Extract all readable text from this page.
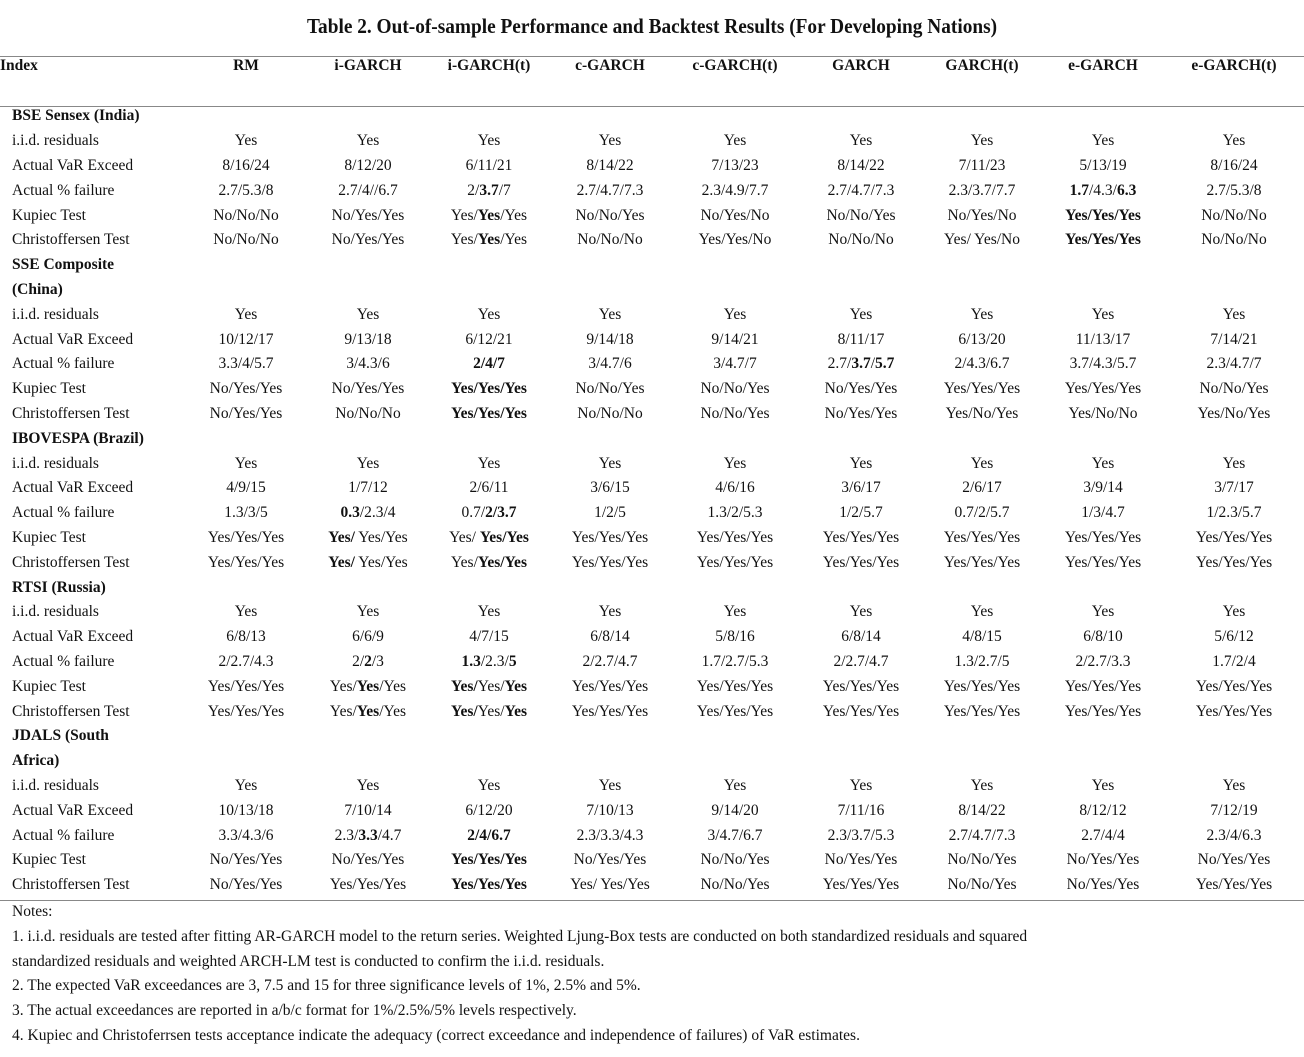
Table 2. Out-of-sample Performance and Backtest Results (For Developing Nations)
Index	RM	i-GARCH	i-GARCH(t)	c-GARCH	c-GARCH(t)	GARCH	GARCH(t)	e-GARCH	e-GARCH(t)
BSE Sensex (India)									
i.i.d. residuals	Yes	Yes	Yes	Yes	Yes	Yes	Yes	Yes	Yes
Actual VaR Exceed	8/16/24	8/12/20	6/11/21	8/14/22	7/13/23	8/14/22	7/11/23	5/13/19	8/16/24
Actual % failure	2.7/5.3/8	2.7/4//6.7	2/3.7/7	2.7/4.7/7.3	2.3/4.9/7.7	2.7/4.7/7.3	2.3/3.7/7.7	1.7/4.3/6.3	2.7/5.3/8
Kupiec Test	No/No/No	No/Yes/Yes	Yes/Yes/Yes	No/No/Yes	No/Yes/No	No/No/Yes	No/Yes/No	Yes/Yes/Yes	No/No/No
Christoffersen Test	No/No/No	No/Yes/Yes	Yes/Yes/Yes	No/No/No	Yes/Yes/No	No/No/No	Yes/ Yes/No	Yes/Yes/Yes	No/No/No
SSE Composite									
(China)									
i.i.d. residuals	Yes	Yes	Yes	Yes	Yes	Yes	Yes	Yes	Yes
Actual VaR Exceed	10/12/17	9/13/18	6/12/21	9/14/18	9/14/21	8/11/17	6/13/20	11/13/17	7/14/21
Actual % failure	3.3/4/5.7	3/4.3/6	2/4/7	3/4.7/6	3/4.7/7	2.7/3.7/5.7	2/4.3/6.7	3.7/4.3/5.7	2.3/4.7/7
Kupiec Test	No/Yes/Yes	No/Yes/Yes	Yes/Yes/Yes	No/No/Yes	No/No/Yes	No/Yes/Yes	Yes/Yes/Yes	Yes/Yes/Yes	No/No/Yes
Christoffersen Test	No/Yes/Yes	No/No/No	Yes/Yes/Yes	No/No/No	No/No/Yes	No/Yes/Yes	Yes/No/Yes	Yes/No/No	Yes/No/Yes
IBOVESPA (Brazil)									
i.i.d. residuals	Yes	Yes	Yes	Yes	Yes	Yes	Yes	Yes	Yes
Actual VaR Exceed	4/9/15	1/7/12	2/6/11	3/6/15	4/6/16	3/6/17	2/6/17	3/9/14	3/7/17
Actual % failure	1.3/3/5	0.3/2.3/4	0.7/2/3.7	1/2/5	1.3/2/5.3	1/2/5.7	0.7/2/5.7	1/3/4.7	1/2.3/5.7
Kupiec Test	Yes/Yes/Yes	Yes/ Yes/Yes	Yes/ Yes/Yes	Yes/Yes/Yes	Yes/Yes/Yes	Yes/Yes/Yes	Yes/Yes/Yes	Yes/Yes/Yes	Yes/Yes/Yes
Christoffersen Test	Yes/Yes/Yes	Yes/ Yes/Yes	Yes/Yes/Yes	Yes/Yes/Yes	Yes/Yes/Yes	Yes/Yes/Yes	Yes/Yes/Yes	Yes/Yes/Yes	Yes/Yes/Yes
RTSI (Russia)									
i.i.d. residuals	Yes	Yes	Yes	Yes	Yes	Yes	Yes	Yes	Yes
Actual VaR Exceed	6/8/13	6/6/9	4/7/15	6/8/14	5/8/16	6/8/14	4/8/15	6/8/10	5/6/12
Actual % failure	2/2.7/4.3	2/2/3	1.3/2.3/5	2/2.7/4.7	1.7/2.7/5.3	2/2.7/4.7	1.3/2.7/5	2/2.7/3.3	1.7/2/4
Kupiec Test	Yes/Yes/Yes	Yes/Yes/Yes	Yes/Yes/Yes	Yes/Yes/Yes	Yes/Yes/Yes	Yes/Yes/Yes	Yes/Yes/Yes	Yes/Yes/Yes	Yes/Yes/Yes
Christoffersen Test	Yes/Yes/Yes	Yes/Yes/Yes	Yes/Yes/Yes	Yes/Yes/Yes	Yes/Yes/Yes	Yes/Yes/Yes	Yes/Yes/Yes	Yes/Yes/Yes	Yes/Yes/Yes
JDALS (South									
Africa)									
i.i.d. residuals	Yes	Yes	Yes	Yes	Yes	Yes	Yes	Yes	Yes
Actual VaR Exceed	10/13/18	7/10/14	6/12/20	7/10/13	9/14/20	7/11/16	8/14/22	8/12/12	7/12/19
Actual % failure	3.3/4.3/6	2.3/3.3/4.7	2/4/6.7	2.3/3.3/4.3	3/4.7/6.7	2.3/3.7/5.3	2.7/4.7/7.3	2.7/4/4	2.3/4/6.3
Kupiec Test	No/Yes/Yes	No/Yes/Yes	Yes/Yes/Yes	No/Yes/Yes	No/No/Yes	No/Yes/Yes	No/No/Yes	No/Yes/Yes	No/Yes/Yes
Christoffersen Test	No/Yes/Yes	Yes/Yes/Yes	Yes/Yes/Yes	Yes/ Yes/Yes	No/No/Yes	Yes/Yes/Yes	No/No/Yes	No/Yes/Yes	Yes/Yes/Yes
Notes:
1. i.i.d. residuals are tested after fitting AR-GARCH model to the return series. Weighted Ljung-Box tests are conducted on both standardized residuals and squared
standardized residuals and weighted ARCH-LM test is conducted to confirm the i.i.d. residuals.
2. The expected VaR exceedances are 3, 7.5 and 15 for three significance levels of 1%, 2.5% and 5%.
3. The actual exceedances are reported in a/b/c format for 1%/2.5%/5% levels respectively.
4. Kupiec and Christoferrsen tests acceptance indicate the adequacy (correct exceedance and independence of failures) of VaR estimates.
